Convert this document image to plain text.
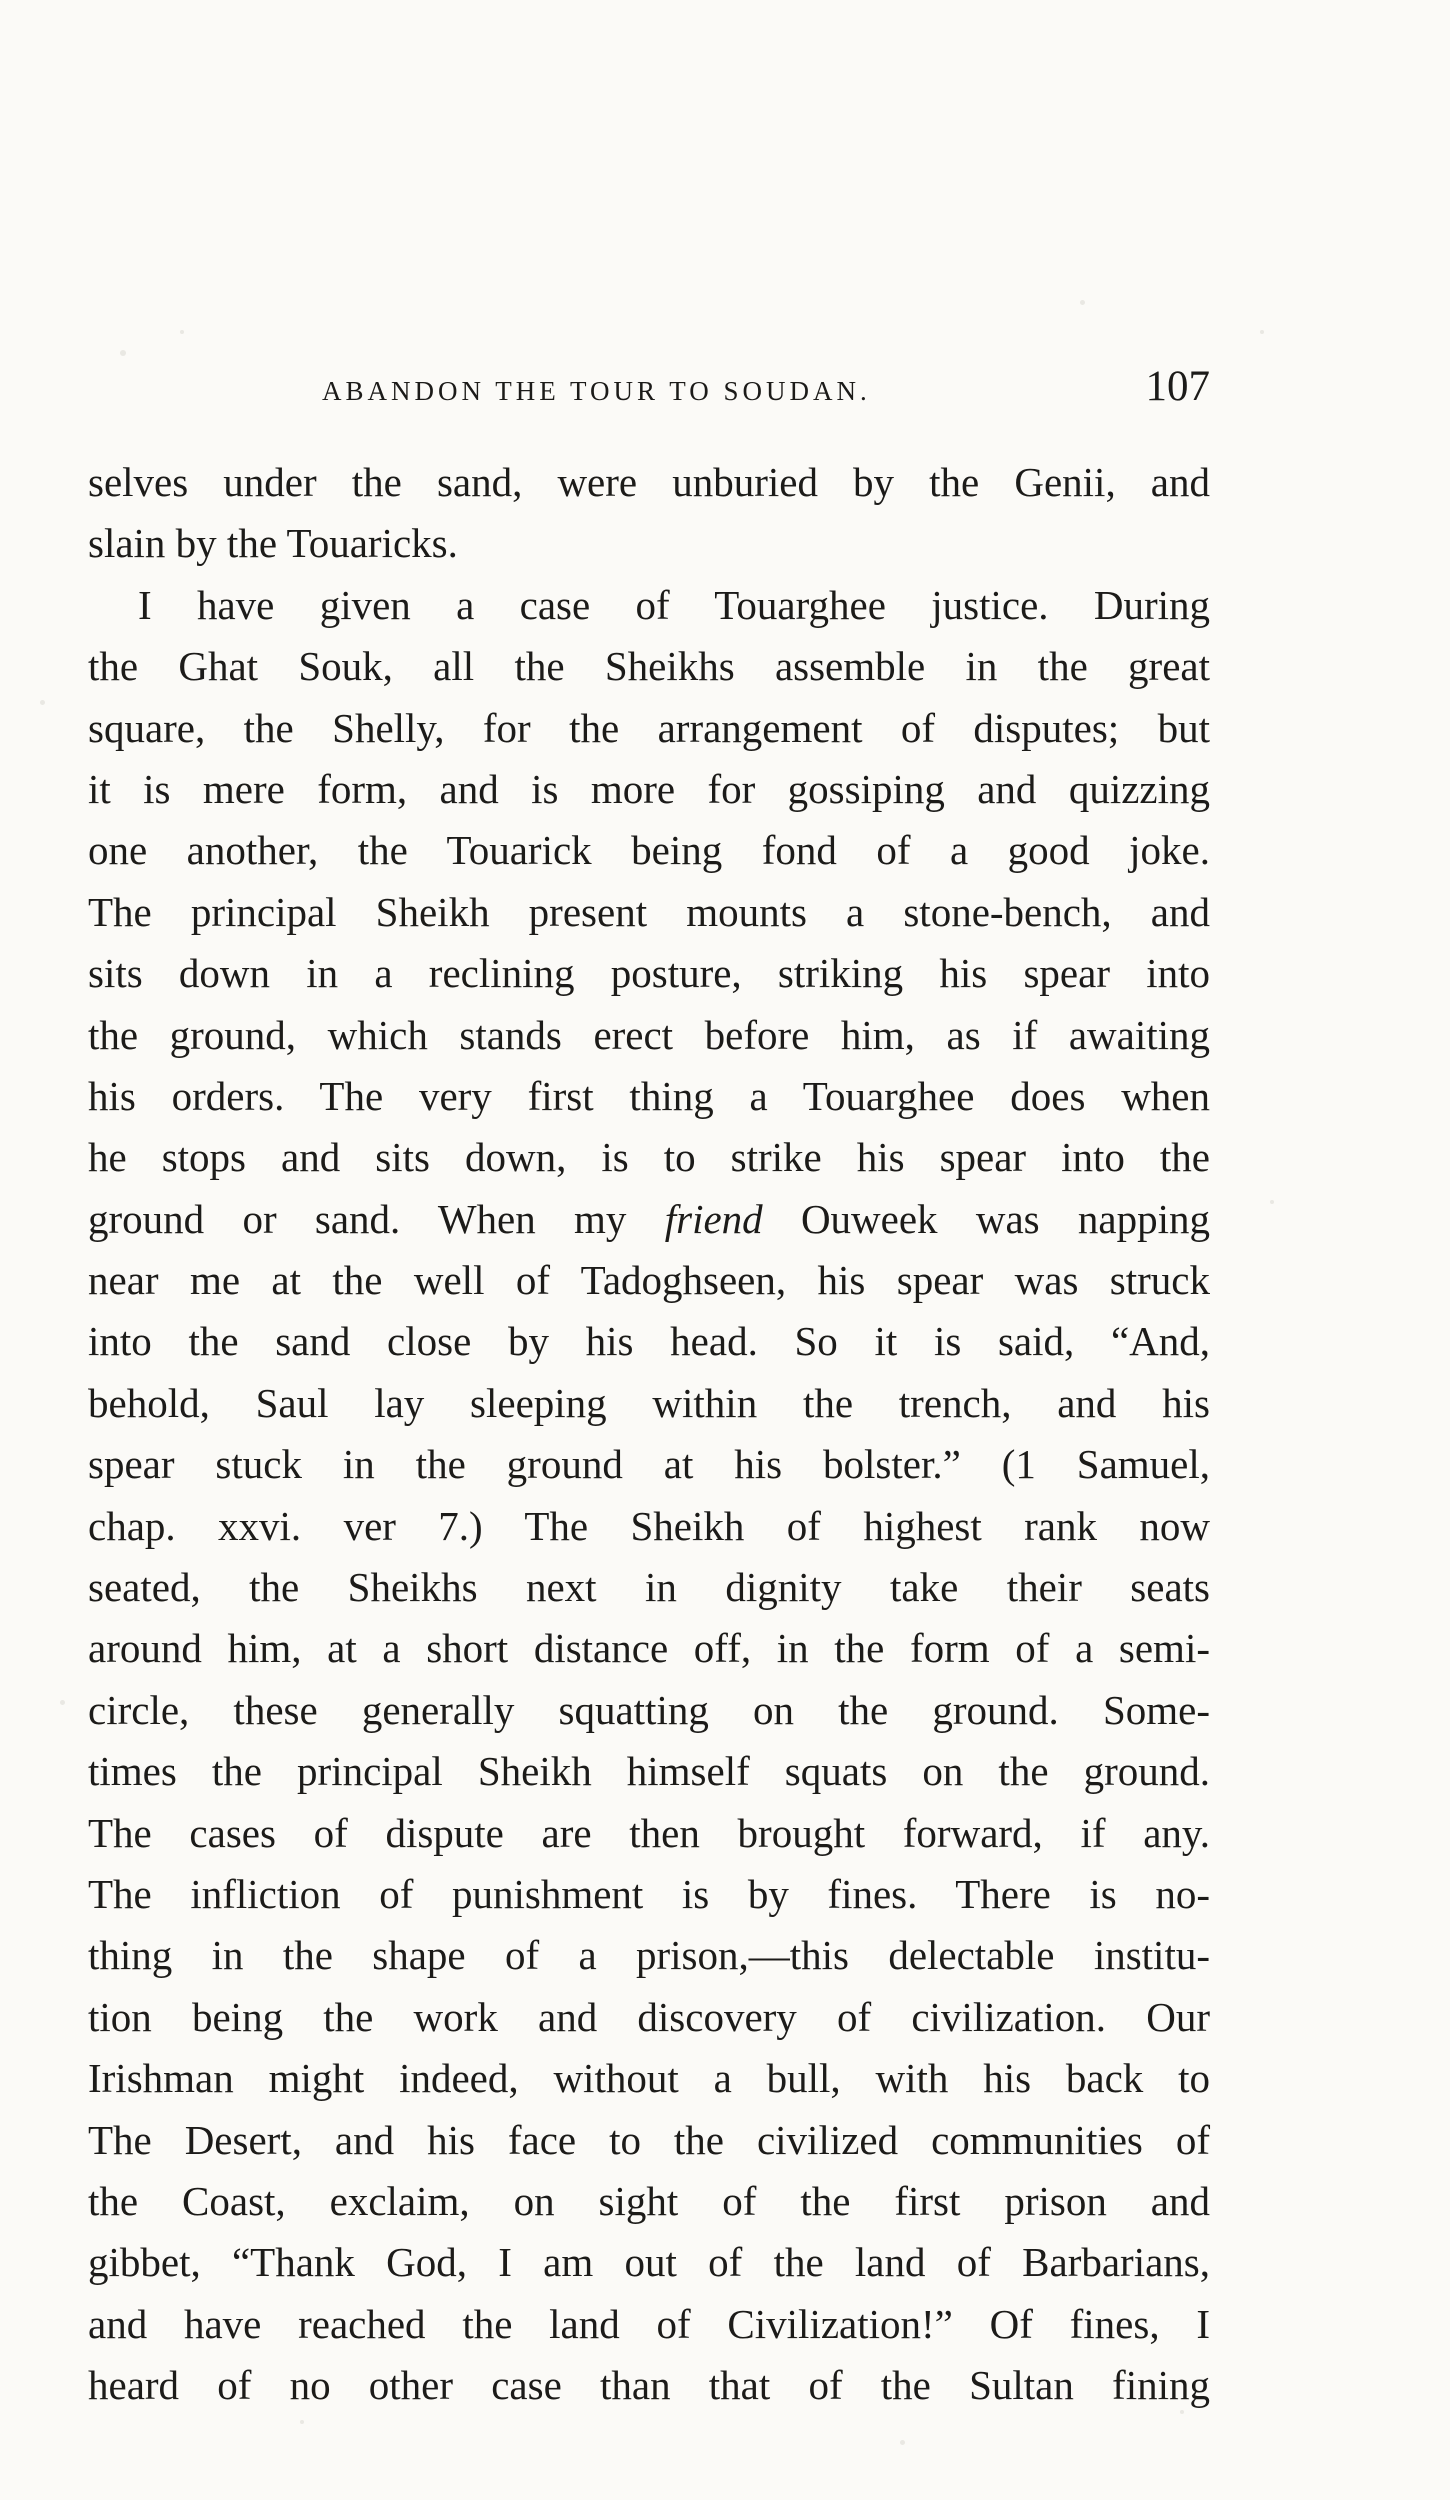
ABANDON THE TOUR TO SOUDAN.	107
selves under the sand, were unburied by the Genii, and
slain by the Touaricks.
I have given a case of Touarghee justice. During
the Ghat Souk, all the Sheikhs assemble in the great
square, the Shelly, for the arrangement of disputes; but
it is mere form, and is more for gossiping and quizzing
one another, the Touarick being fond of a good joke.
The principal Sheikh present mounts a stone-bench, and
sits down in a reclining posture, striking his spear into
the ground, which stands erect before him, as if awaiting
his orders. The very first thing a Touarghee does when
he stops and sits down, is to strike his spear into the
ground or sand. When my friend Ouweek was napping
near me at the well of Tadoghseen, his spear was struck
into the sand close by his head. So it is said, “And,
behold, Saul lay sleeping within the trench, and his
spear stuck in the ground at his bolster.” (1 Samuel,
chap. xxvi. ver 7.) The Sheikh of highest rank now
seated, the Sheikhs next in dignity take their seats
around him, at a short distance off, in the form of a semi-
circle, these generally squatting on the ground. Some-
times the principal Sheikh himself squats on the ground.
The cases of dispute are then brought forward, if any.
The infliction of punishment is by fines. There is no-
thing in the shape of a prison,—this delectable institu-
tion being the work and discovery of civilization. Our
Irishman might indeed, without a bull, with his back to
The Desert, and his face to the civilized communities of
the Coast, exclaim, on sight of the first prison and
gibbet, “Thank God, I am out of the land of Barbarians,
and have reached the land of Civilization!” Of fines, I
heard of no other case than that of the Sultan fining
